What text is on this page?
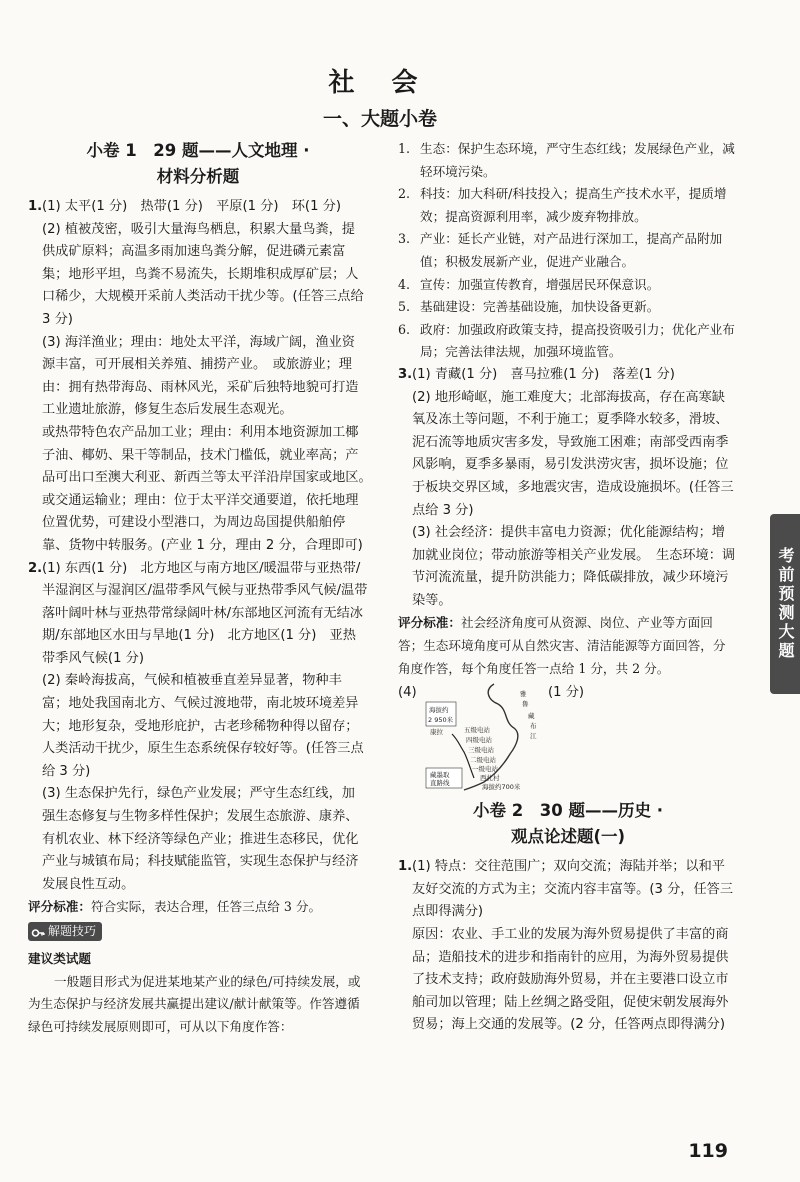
社 会
一、大题小卷
小卷 1　29 题——人文地理 ·
材料分析题
1. (1) 太平(1 分)　热带(1 分)　平原(1 分)　环(1 分)

(2) 植被茂密，吸引大量海鸟栖息，积累大量鸟粪，提供成矿原料；高温多雨加速鸟粪分解，促进磷元素富集；地形平坦，鸟粪不易流失，长期堆积成厚矿层；人口稀少，大规模开采前人类活动干扰少等。(任答三点给 3 分)

(3) 海洋渔业；理由：地处太平洋，海域广阔，渔业资源丰富，可开展相关养殖、捕捞产业。　或旅游业；理由：拥有热带海岛、雨林风光，采矿后独特地貌可打造工业遗址旅游，修复生态后发展生态观光。

或热带特色农产品加工业；理由：利用本地资源加工椰子油、椰奶、果干等制品，技术门槛低，就业率高；产品可出口至澳大利亚、新西兰等太平洋沿岸国家或地区。　或交通运输业；理由：位于太平洋交通要道，依托地理位置优势，可建设小型港口，为周边岛国提供船舶停靠、货物中转服务。(产业 1 分，理由 2 分，合理即可)

2. (1) 东西(1 分)　北方地区与南方地区/暖温带与亚热带/半湿润区与湿润区/温带季风气候与亚热带季风气候/温带落叶阔叶林与亚热带常绿阔叶林/东部地区河流有无结冰期/东部地区水田与旱地(1 分)　北方地区(1 分)　亚热带季风气候(1 分)

(2) 秦岭海拔高，气候和植被垂直差异显著，物种丰富；地处我国南北方、气候过渡地带，南北坡环境差异大；地形复杂，受地形庇护，古老珍稀物种得以留存；人类活动干扰少，原生生态系统保存较好等。(任答三点给 3 分)

(3) 生态保护先行，绿色产业发展；严守生态红线，加强生态修复与生物多样性保护；发展生态旅游、康养、有机农业、林下经济等绿色产业；推进生态移民，优化产业与城镇布局；科技赋能监管，实现生态保护与经济发展良性互动。

评分标准：符合实际，表达合理，任答三点给 3 分。

解题技巧

建议类试题

一般题目形式为促进某地某产业的绿色/可持续发展，或为生态保护与经济发展共赢提出建议/献计献策等。作答遵循绿色可持续发展原则即可，可从以下角度作答：

1. 生态：保护生态环境，严守生态红线；发展绿色产业，减轻环境污染。
2. 科技：加大科研/科技投入；提高生产技术水平，提质增效；提高资源利用率，减少废弃物排放。
3. 产业：延长产业链，对产品进行深加工，提高产品附加值；积极发展新产业，促进产业融合。
4. 宣传：加强宣传教育，增强居民环保意识。
5. 基础建设：完善基础设施，加快设备更新。
6. 政府：加强政府政策支持，提高投资吸引力；优化产业布局；完善法律法规，加强环境监管。
3. (1) 青藏(1 分)　喜马拉雅(1 分)　落差(1 分)

(2) 地形崎岖，施工难度大；北部海拔高，存在高寒缺氧及冻土等问题，不利于施工；夏季降水较多，滑坡、泥石流等地质灾害多发，导致施工困难；南部受西南季风影响，夏季多暴雨，易引发洪涝灾害，损坏设施；位于板块交界区域，多地震灾害，造成设施损坏。(任答三点给 3 分)

(3) 社会经济：提供丰富电力资源；优化能源结构；增加就业岗位；带动旅游等相关产业发展。　生态环境：调节河流流量，提升防洪能力；降低碳排放，减少环境污染等。

评分标准：社会经济角度可从资源、岗位、产业等方面回答；生态环境角度可从自然灾害、清洁能源等方面回答，分角度作答，每个角度任答一点给 1 分，共 2 分。

(4)
海拔约
2 950米
康拉	五级电站
四级电站
三级电站
二级电站
一级电站
西扎村
海拔约700米
藏墨取
直路线
雅
鲁
藏
布
江
(1 分)
小卷 2　30 题——历史 ·
观点论述题(一)
1. (1) 特点：交往范围广；双向交流；海陆并举；以和平友好交流的方式为主；交流内容丰富等。(3 分，任答三点即得满分)

原因：农业、手工业的发展为海外贸易提供了丰富的商品；造船技术的进步和指南针的应用，为海外贸易提供了技术支持；政府鼓励海外贸易，并在主要港口设立市舶司加以管理；陆上丝绸之路受阻，促使宋朝发展海外贸易；海上交通的发展等。(2 分，任答两点即得满分)

考前预测大题
119
